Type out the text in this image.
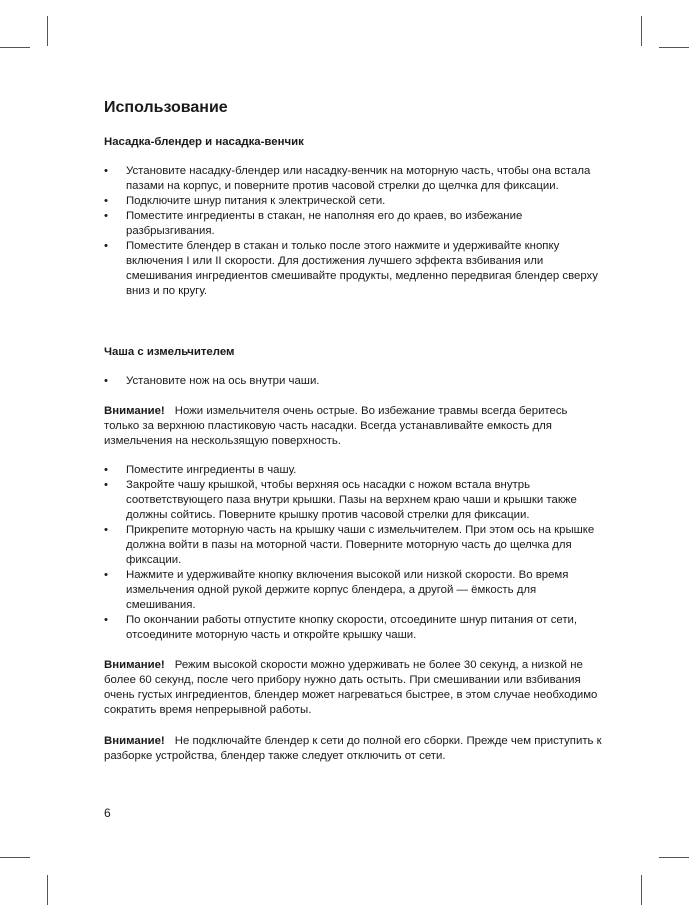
Использование
Насадка-блендер и насадка-венчик
• Установите насадку-блендер или насадку-венчик на моторную часть, чтобы она встала пазами на корпус, и поверните против часовой стрелки до щелчка для фиксации.
• Подключите шнур питания к электрической сети.
• Поместите ингредиенты в стакан, не наполняя его до краев, во избежание разбрызгивания.
• Поместите блендер в стакан и только после этого нажмите и удерживайте кнопку включения I или II скорости. Для достижения лучшего эффекта взбивания или смешивания ингредиентов смешивайте продукты, медленно передвигая блендер сверху вниз и по кругу.
Чаша с измельчителем
• Установите нож на ось внутри чаши.

Внимание! Ножи измельчителя очень острые. Во избежание травмы всегда беритесь только за верхнюю пластиковую часть насадки. Всегда устанавливайте емкость для измельчения на нескользящую поверхность.

• Поместите ингредиенты в чашу.
• Закройте чашу крышкой, чтобы верхняя ось насадки с ножом встала внутрь соответствующего паза внутри крышки. Пазы на верхнем краю чаши и крышки также должны сойтись. Поверните крышку против часовой стрелки для фиксации.
• Прикрепите моторную часть на крышку чаши с измельчителем. При этом ось на крышке должна войти в пазы на моторной части. Поверните моторную часть до щелчка для фиксации.
• Нажмите и удерживайте кнопку включения высокой или низкой скорости. Во время измельчения одной рукой держите корпус блендера, а другой — ёмкость для смешивания.
• По окончании работы отпустите кнопку скорости, отсоедините шнур питания от сети, отсоедините моторную часть и откройте крышку чаши.

Внимание! Режим высокой скорости можно удерживать не более 30 секунд, а низкой не более 60 секунд, после чего прибору нужно дать остыть. При смешивании или взбивания очень густых ингредиентов, блендер может нагреваться быстрее, в этом случае необходимо сократить время непрерывной работы.

Внимание! Не подключайте блендер к сети до полной его сборки. Прежде чем приступить к разборке устройства, блендер также следует отключить от сети.

6
